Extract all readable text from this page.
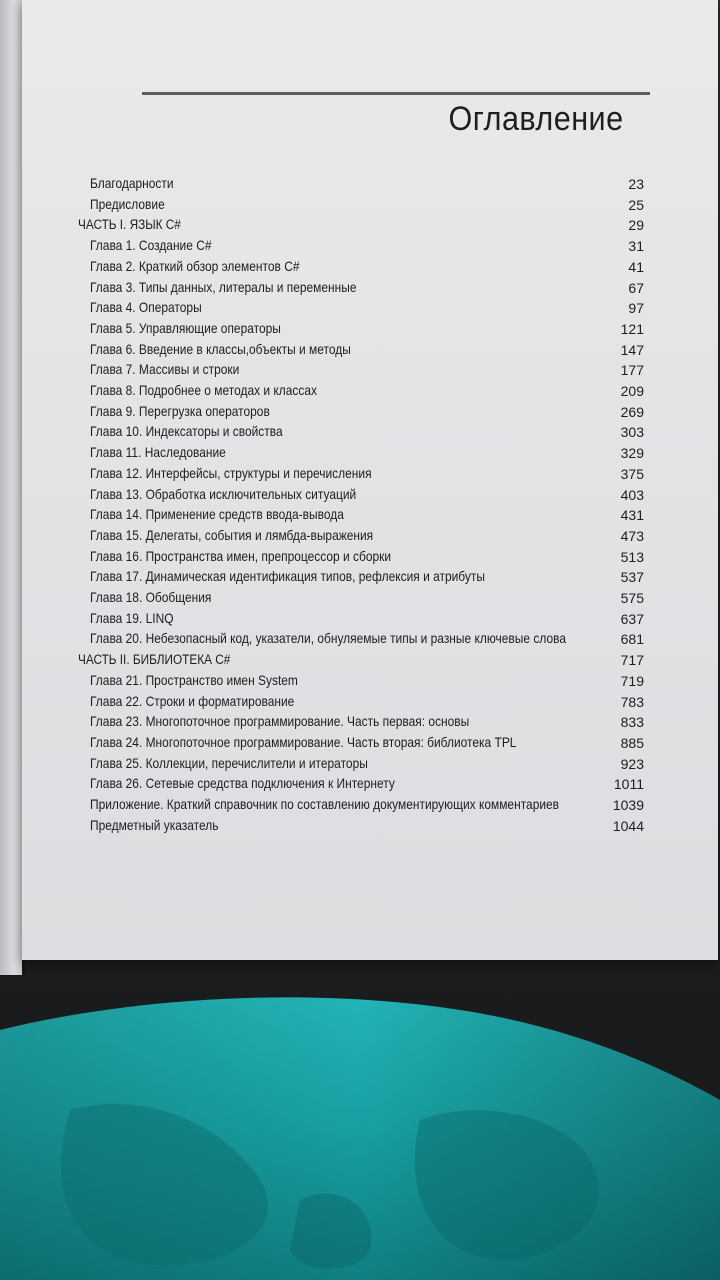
Оглавление
Благодарности	23
Предисловие	25
ЧАСТЬ I. ЯЗЫК C#	29
Глава 1. Создание C#	31
Глава 2. Краткий обзор элементов C#	41
Глава 3. Типы данных, литералы и переменные	67
Глава 4. Операторы	97
Глава 5. Управляющие операторы	121
Глава 6. Введение в классы,объекты и методы	147
Глава 7. Массивы и строки	177
Глава 8. Подробнее о методах и классах	209
Глава 9. Перегрузка операторов	269
Глава 10. Индексаторы и свойства	303
Глава 11. Наследование	329
Глава 12. Интерфейсы, структуры и перечисления	375
Глава 13. Обработка исключительных ситуаций	403
Глава 14. Применение средств ввода-вывода	431
Глава 15. Делегаты, события и лямбда-выражения	473
Глава 16. Пространства имен, препроцессор и сборки	513
Глава 17. Динамическая идентификация типов, рефлексия и атрибуты	537
Глава 18. Обобщения	575
Глава 19. LINQ	637
Глава 20. Небезопасный код, указатели, обнуляемые типы и разные ключевые слова	681
ЧАСТЬ II. БИБЛИОТЕКА C#	717
Глава 21. Пространство имен System	719
Глава 22. Строки и форматирование	783
Глава 23. Многопоточное программирование. Часть первая: основы	833
Глава 24. Многопоточное программирование. Часть вторая: библиотека TPL	885
Глава 25. Коллекции, перечислители и итераторы	923
Глава 26. Сетевые средства подключения к Интернету	1011
Приложение. Краткий справочник по составлению документирующих комментариев	1039
Предметный указатель	1044
